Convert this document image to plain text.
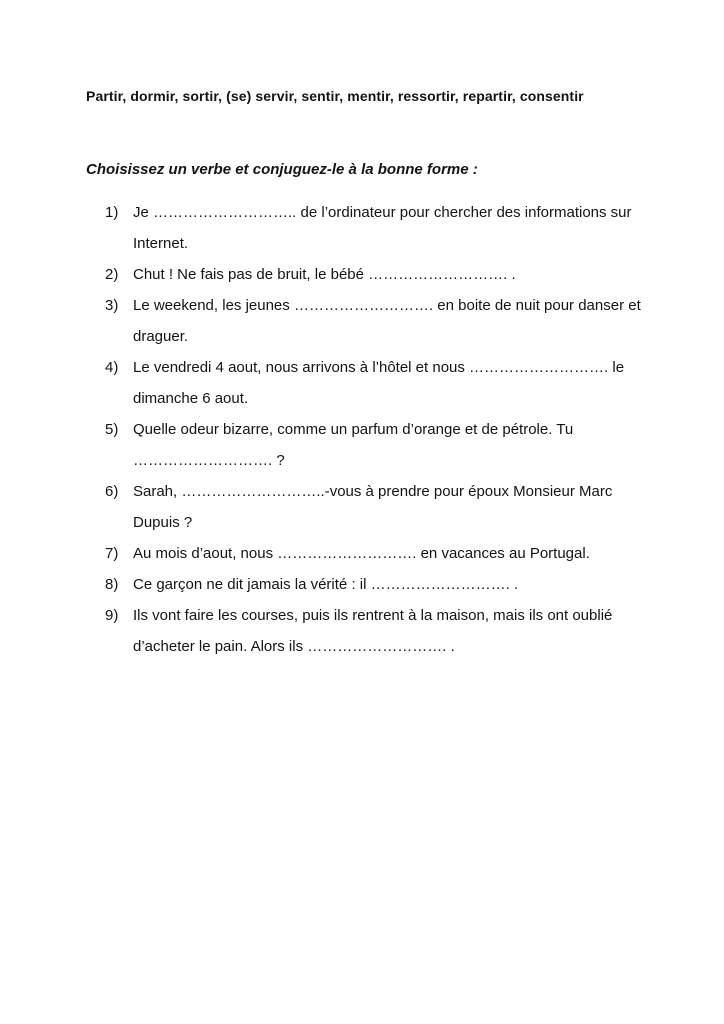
Partir, dormir, sortir, (se) servir, sentir, mentir, ressortir, repartir, consentir
Choisissez un verbe et conjuguez-le à la bonne forme :
1) Je ……………………….. de l’ordinateur pour chercher des informations sur
Internet.
2) Chut ! Ne fais pas de bruit, le bébé ………………………. .
3) Le weekend, les jeunes ………………………. en boite de nuit pour danser et
draguer.
4) Le vendredi 4 aout, nous arrivons à l’hôtel et nous ………………………. le
dimanche 6 aout.
5) Quelle odeur bizarre, comme un parfum d’orange et de pétrole. Tu
………………………. ?
6) Sarah, ………………………..-vous à prendre pour époux Monsieur Marc
Dupuis ?
7) Au mois d’aout, nous ………………………. en vacances au Portugal.
8) Ce garçon ne dit jamais la vérité : il ………………………. .
9) Ils vont faire les courses, puis ils rentrent à la maison, mais ils ont oublié
d’acheter le pain. Alors ils ………………………. .
